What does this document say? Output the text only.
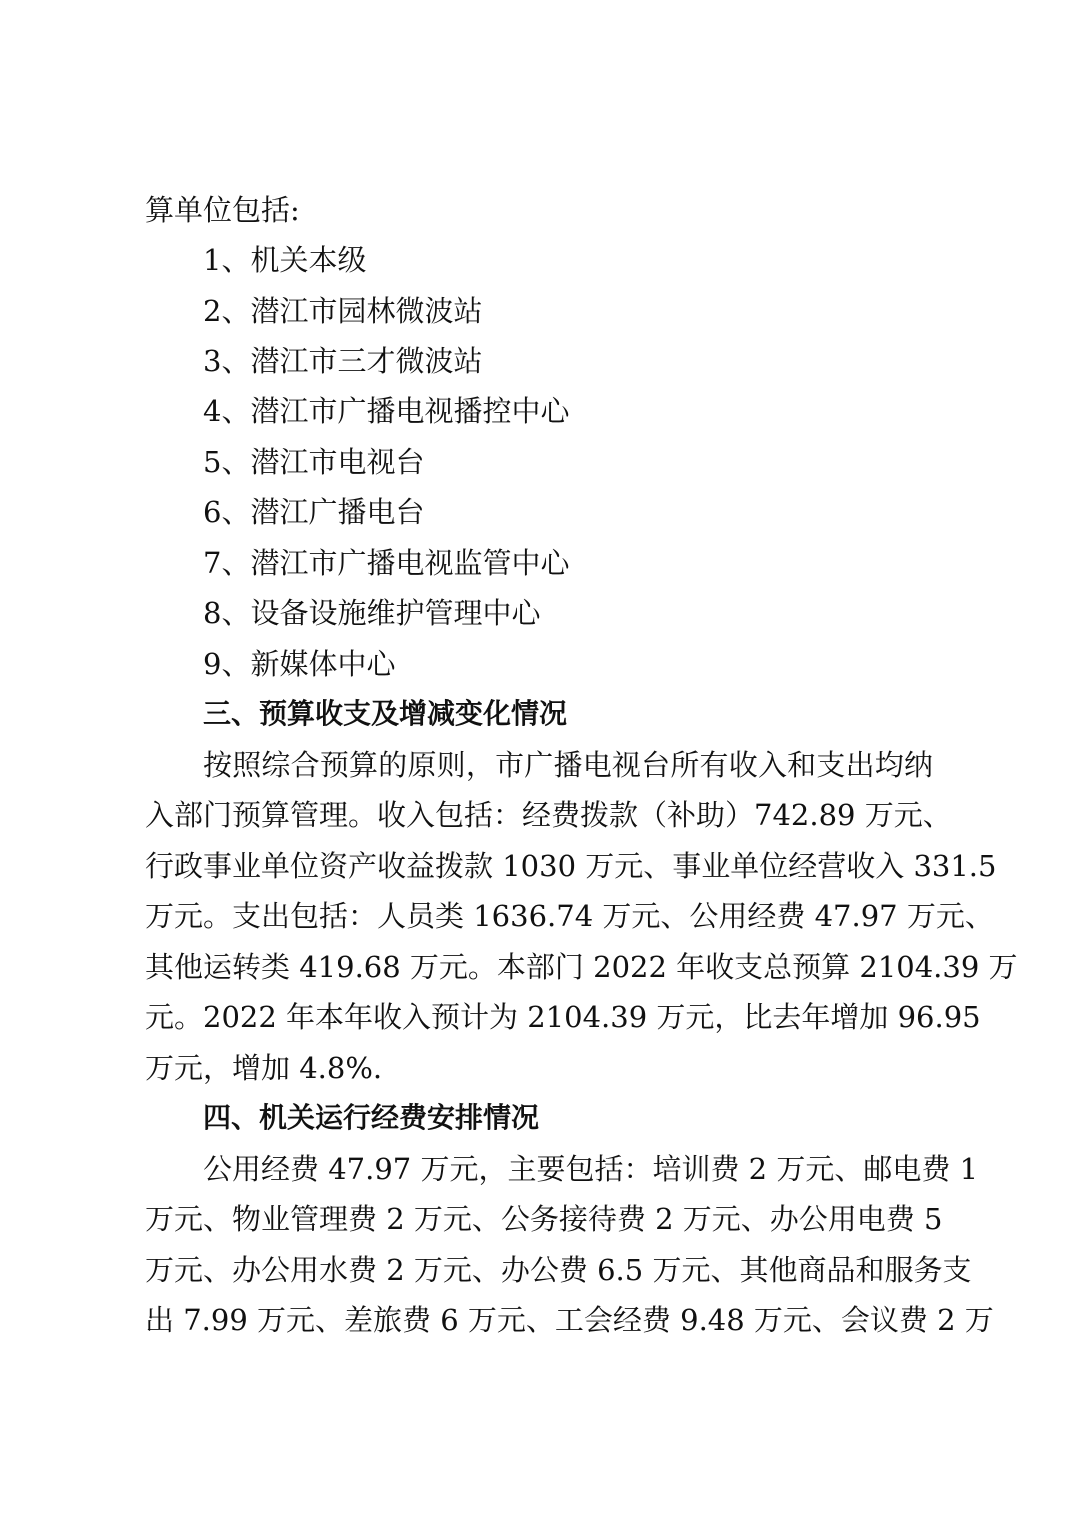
算单位包括:
1、机关本级
2、潜江市园林微波站
3、潜江市三才微波站
4、潜江市广播电视播控中心
5、潜江市电视台
6、潜江广播电台
7、潜江市广播电视监管中心
8、设备设施维护管理中心
9、新媒体中心
三、预算收支及增减变化情况
按照综合预算的原则，市广播电视台所有收入和支出均纳
入部门预算管理。收入包括：经费拨款（补助）742.89 万元、
行政事业单位资产收益拨款 1030 万元、事业单位经营收入 331.5
万元。支出包括：人员类 1636.74 万元、公用经费 47.97 万元、
其他运转类 419.68 万元。本部门 2022 年收支总预算 2104.39 万
元。2022 年本年收入预计为 2104.39 万元，比去年增加 96.95
万元，增加 4.8%.
四、机关运行经费安排情况
公用经费 47.97 万元，主要包括：培训费 2 万元、邮电费 1
万元、物业管理费 2 万元、公务接待费 2 万元、办公用电费 5
万元、办公用水费 2 万元、办公费 6.5 万元、其他商品和服务支
出 7.99 万元、差旅费 6 万元、工会经费 9.48 万元、会议费 2 万
